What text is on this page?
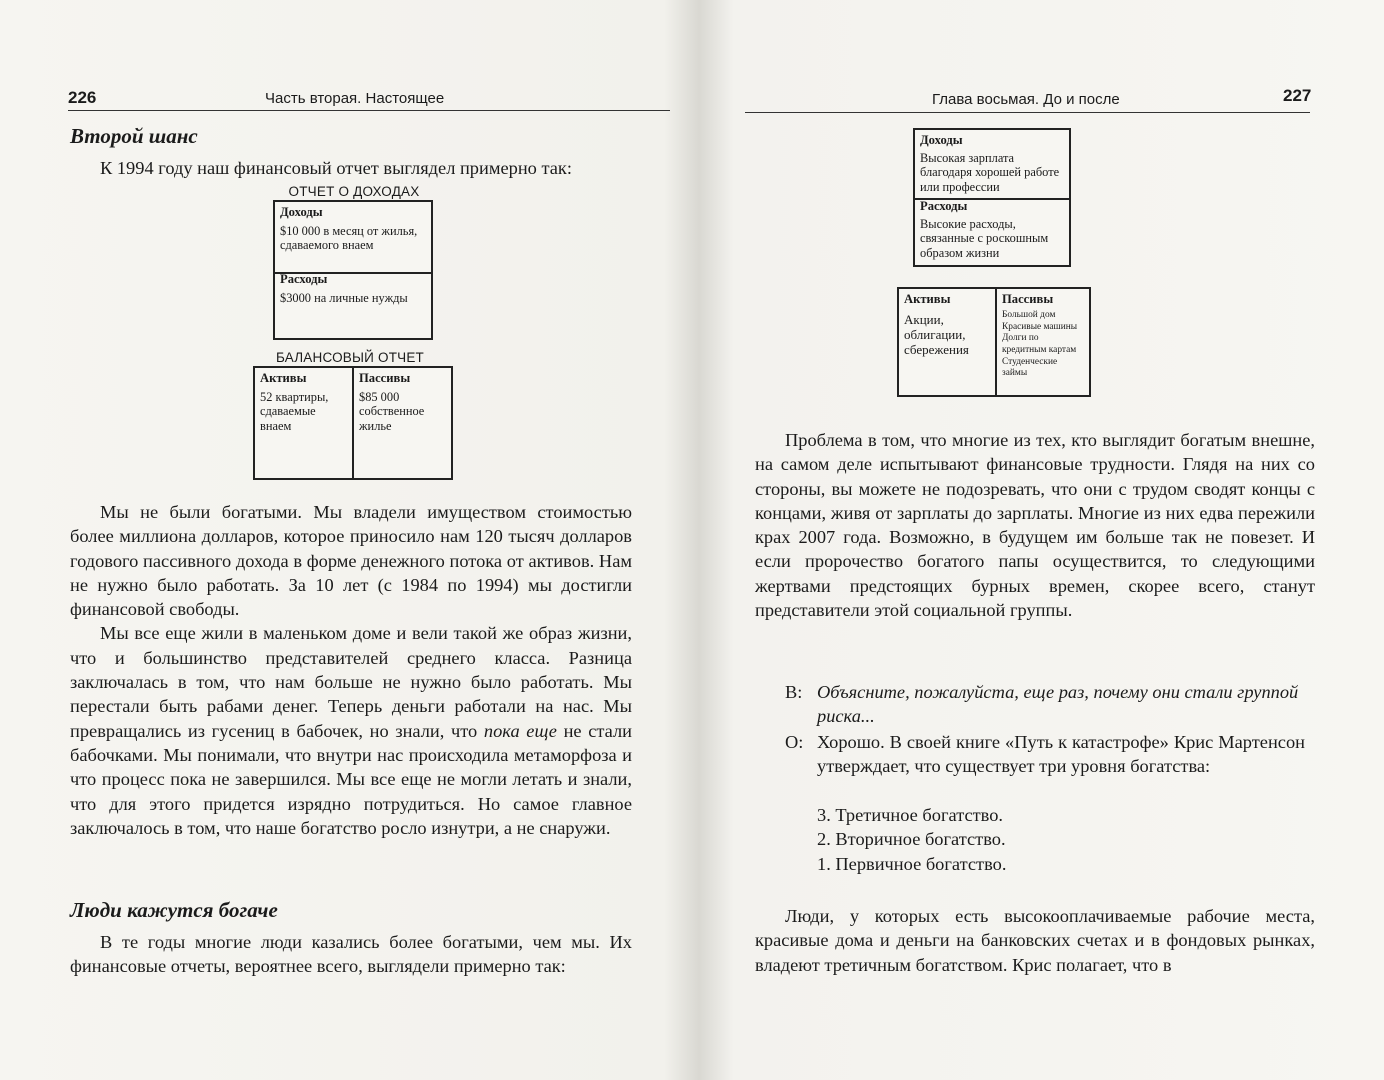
226	Часть вторая. Настоящее
Второй шанс

К 1994 году наш финансовый отчет выглядел примерно так:

ОТЧЕТ О ДОХОДАХ
Доходы
$10 000 в месяц от жилья, сдаваемого внаем
Расходы
$3000 на личные нужды
БАЛАНСОВЫЙ ОТЧЕТ
Активы
52 квартиры, сдаваемые внаем
Пассивы
$85 000 собственное жилье

Мы не были богатыми. Мы владели имуществом стоимостью более миллиона долларов, которое приносило нам 120 тысяч долларов годового пассивного дохода в форме денежного потока от активов. Нам не нужно было работать. За 10 лет (с 1984 по 1994) мы достигли финансовой свободы.

Мы все еще жили в маленьком доме и вели такой же образ жизни, что и большинство представителей среднего класса. Разница заключалась в том, что нам больше не нужно было работать. Мы перестали быть рабами денег. Теперь деньги работали на нас. Мы превращались из гусениц в бабочек, но знали, что пока еще не стали бабочками. Мы понимали, что внутри нас происходила метаморфоза и что процесс пока не завершился. Мы все еще не могли летать и знали, что для этого придется изрядно потрудиться. Но самое главное заключалось в том, что наше богатство росло изнутри, а не снаружи.

Люди кажутся богаче

В те годы многие люди казались более богатыми, чем мы. Их финансовые отчеты, вероятнее всего, выглядели примерно так:

Глава восьмая. До и после	227
Доходы
Высокая зарплата благодаря хорошей работе или профессии
Расходы
Высокие расходы, связанные с роскошным образом жизни
Активы
Акции, облигации, сбережения
Пассивы
Большой дом
Красивые машины
Долги по кредитным картам
Студенческие займы

Проблема в том, что многие из тех, кто выглядит богатым внешне, на самом деле испытывают финансовые трудности. Глядя на них со стороны, вы можете не подозревать, что они с трудом сводят концы с концами, живя от зарплаты до зарплаты. Многие из них едва пережили крах 2007 года. Возможно, в будущем им больше так не повезет. И если пророчество богатого папы осуществится, то следующими жертвами предстоящих бурных времен, скорее всего, станут представители этой социальной группы.

В: Объясните, пожалуйста, еще раз, почему они стали группой риска...
О: Хорошо. В своей книге «Путь к катастрофе» Крис Мартенсон утверждает, что существует три уровня богатства:
3. Третичное богатство.
2. Вторичное богатство.
1. Первичное богатство.

Люди, у которых есть высокооплачиваемые рабочие места, красивые дома и деньги на банковских счетах и в фондовых рынках, владеют третичным богатством. Крис полагает, что в
